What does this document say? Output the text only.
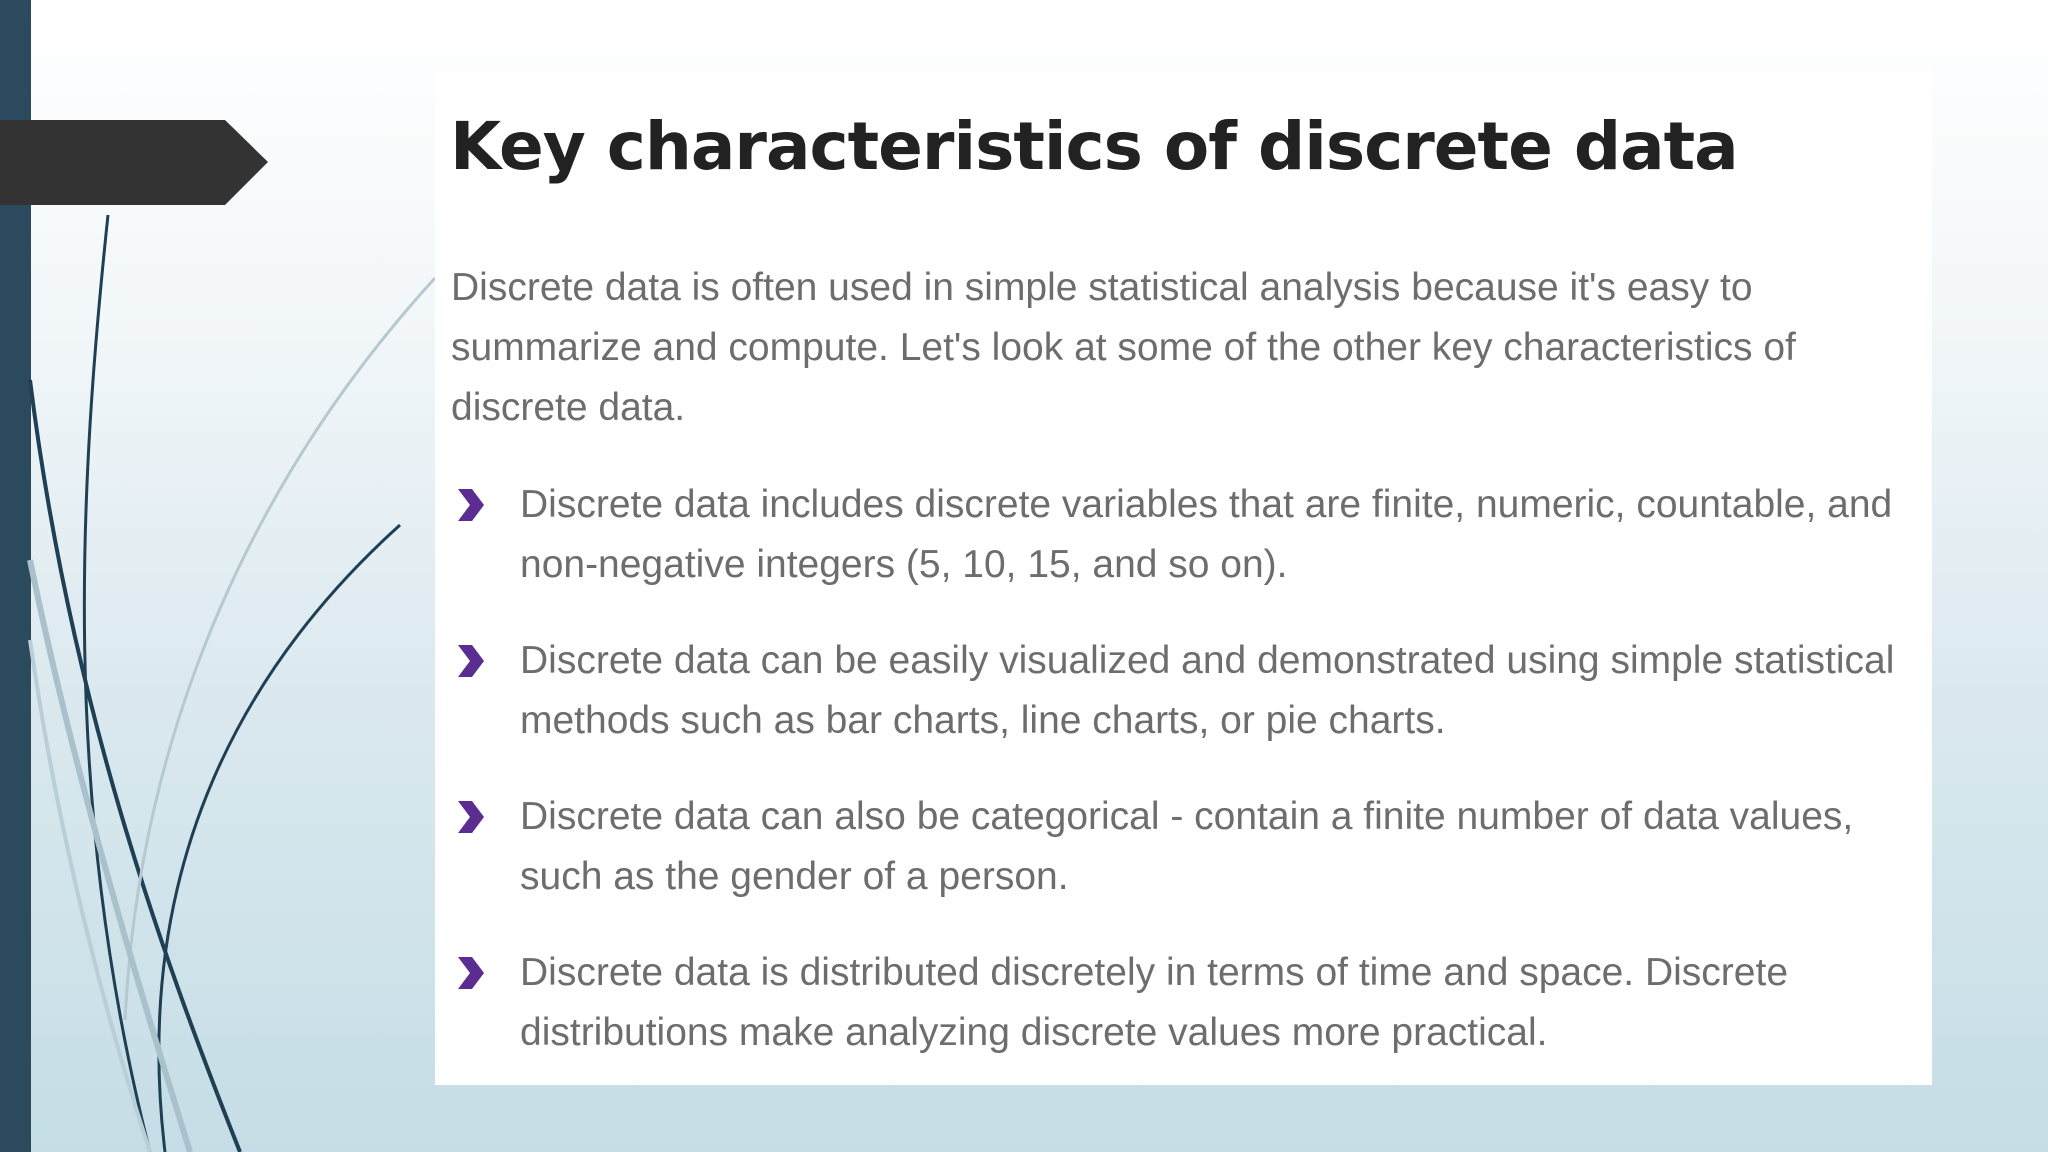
Key characteristics of discrete data

Discrete data is often used in simple statistical analysis because it's easy to summarize and compute. Let's look at some of the other key characteristics of discrete data.

Discrete data includes discrete variables that are finite, numeric, countable, and non-negative integers (5, 10, 15, and so on).
Discrete data can be easily visualized and demonstrated using simple statistical methods such as bar charts, line charts, or pie charts.
Discrete data can also be categorical - contain a finite number of data values, such as the gender of a person.
Discrete data is distributed discretely in terms of time and space. Discrete distributions make analyzing discrete values more practical.
